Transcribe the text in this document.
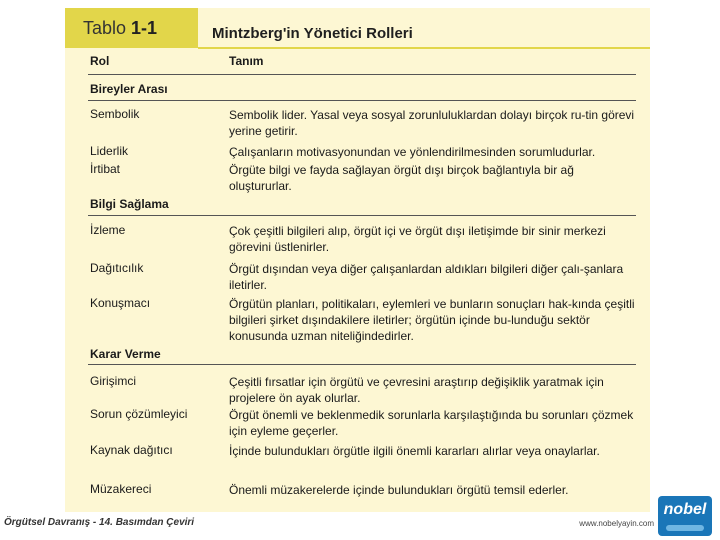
Tablo 1-1	Mintzberg'in Yönetici Rolleri
Rol	Tanım
Bireyler Arası
Sembolik	Sembolik lider. Yasal veya sosyal zorunluluklardan dolayı birçok ru-tin görevi yerine getirir.
Liderlik	Çalışanların motivasyonundan ve yönlendirilmesinden sorumludurlar.
İrtibat	Örgüte bilgi ve fayda sağlayan örgüt dışı birçok bağlantıyla bir ağ oluştururlar.
Bilgi Sağlama
İzleme	Çok çeşitli bilgileri alıp, örgüt içi ve örgüt dışı iletişimde bir sinir merkezi görevini üstlenirler.
Dağıtıcılık	Örgüt dışından veya diğer çalışanlardan aldıkları bilgileri diğer çalı-şanlara iletirler.
Konuşmacı	Örgütün planları, politikaları, eylemleri ve bunların sonuçları hak-kında çeşitli bilgileri şirket dışındakilere iletirler; örgütün içinde bu-lunduğu sektör konusunda uzman niteliğindedirler.
Karar Verme
Girişimci	Çeşitli fırsatlar için örgütü ve çevresini araştırıp değişiklik yaratmak için projelere ön ayak olurlar.
Sorun çözümleyici	Örgüt önemli ve beklenmedik sorunlarla karşılaştığında bu sorunları çözmek için eyleme geçerler.
Kaynak dağıtıcı	İçinde bulundukları örgütle ilgili önemli kararları alırlar veya onaylarlar.
Müzakereci	Önemli müzakerelerde içinde bulundukları örgütü temsil ederler.
Örgütsel Davranış - 14. Basımdan Çeviri	www.nobelyayin.com
nobel
